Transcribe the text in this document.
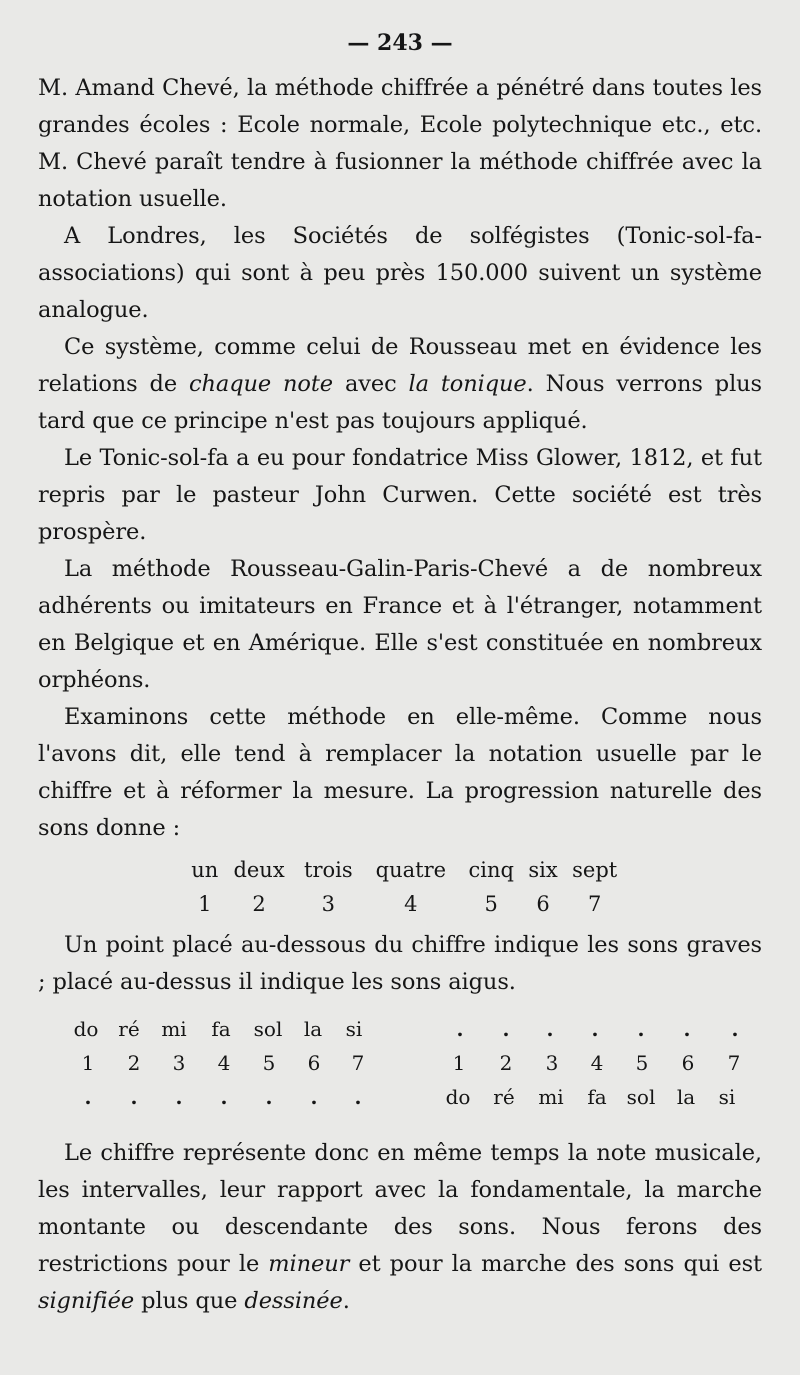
— 243 —

M. Amand Chevé, la méthode chiffrée a pénétré dans toutes les grandes écoles : Ecole normale, Ecole polytechnique etc., etc. M. Chevé paraît tendre à fusionner la méthode chiffrée avec la notation usuelle.

A Londres, les Sociétés de solfégistes (Tonic-sol-fa-associations) qui sont à peu près 150.000 suivent un système analogue.

Ce système, comme celui de Rousseau met en évidence les relations de chaque note avec la tonique. Nous verrons plus tard que ce principe n'est pas toujours appliqué.

Le Tonic-sol-fa a eu pour fondatrice Miss Glower, 1812, et fut repris par le pasteur John Curwen. Cette société est très prospère.

La méthode Rousseau-Galin-Paris-Chevé a de nombreux adhérents ou imitateurs en France et à l'étranger, notamment en Belgique et en Amérique. Elle s'est constituée en nombreux orphéons.

Examinons cette méthode en elle-même. Comme nous l'avons dit, elle tend à remplacer la notation usuelle par le chiffre et à réformer la mesure. La progression naturelle des sons donne :

un	deux	trois	quatre	cinq	six	sept
1	2	3	4	5	6	7

Un point placé au-dessous du chiffre indique les sons graves ; placé au-dessus il indique les sons aigus.

do ré mi fa sol la si	. . . . . . .
1 2 3 4 5 6 7	1 2 3 4 5 6 7
. . . . . . .	do ré mi fa sol la si

Le chiffre représente donc en même temps la note musicale, les intervalles, leur rapport avec la fondamentale, la marche montante ou descendante des sons. Nous ferons des restrictions pour le mineur et pour la marche des sons qui est signifiée plus que dessinée.
